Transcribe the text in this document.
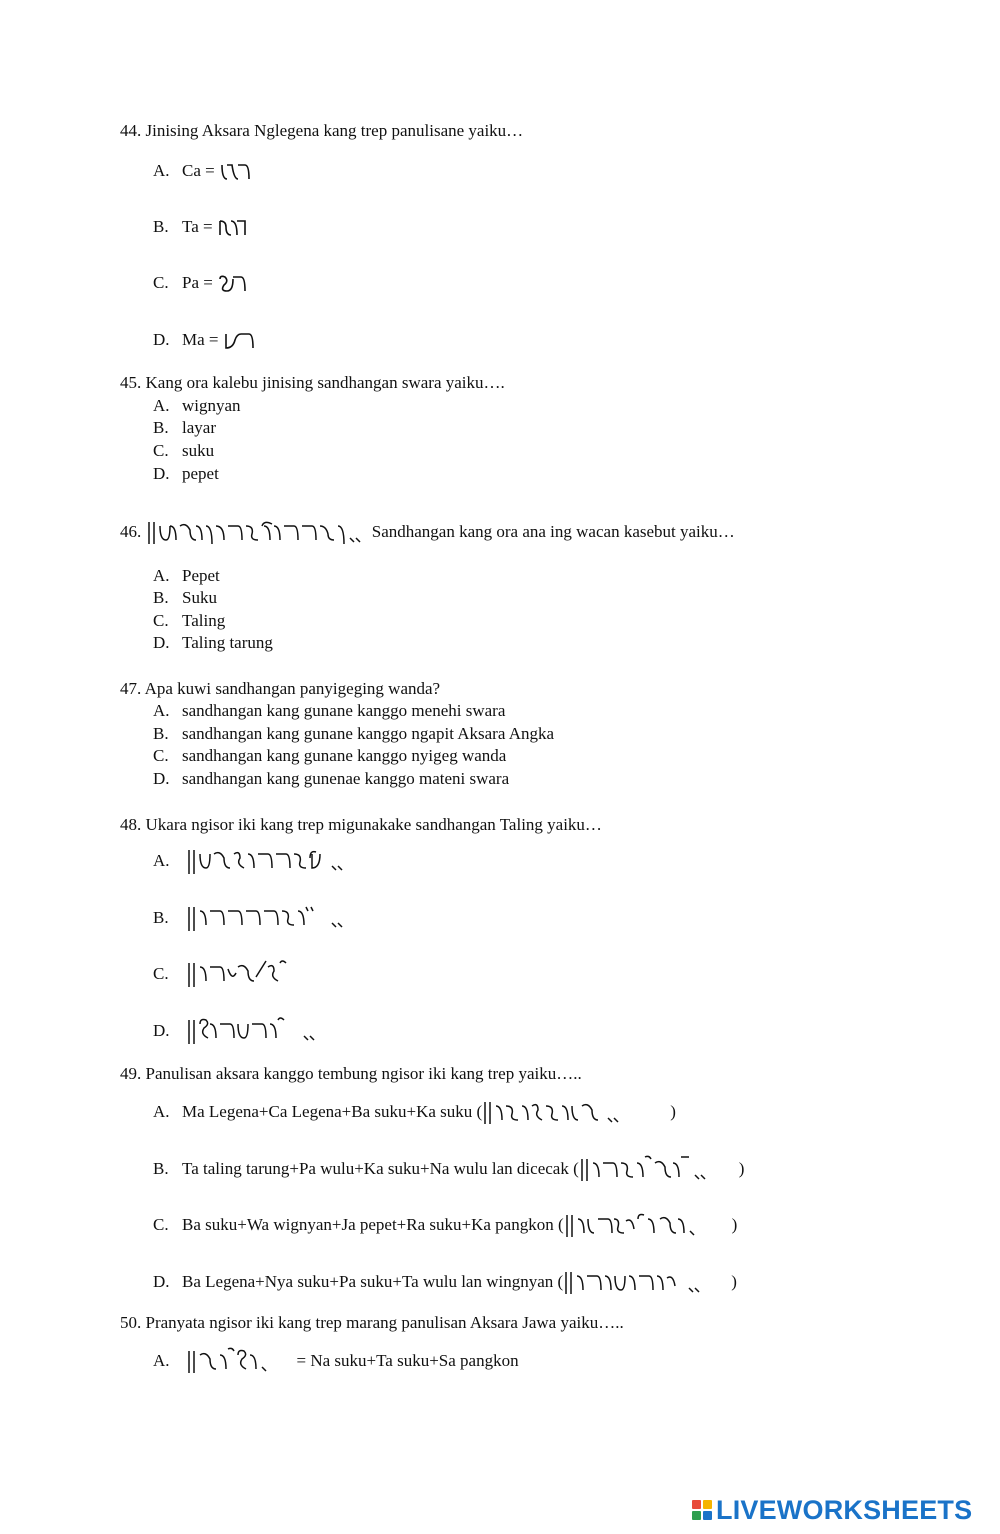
44. Jinising Aksara Nglegena kang trep panulisane yaiku…
A. Ca =
B. Ta =
C. Pa =
D. Ma =
45. Kang ora kalebu jinising sandhangan swara yaiku….
A. wignyan
B. layar
C. suku
D. pepet
46.	Sandhangan kang ora ana ing wacan kasebut yaiku…
A. Pepet
B. Suku
C. Taling
D. Taling tarung
47. Apa kuwi sandhangan panyigeging wanda?
A. sandhangan kang gunane kanggo menehi swara
B. sandhangan kang gunane kanggo ngapit Aksara Angka
C. sandhangan kang gunane kanggo nyigeg wanda
D. sandhangan kang gunenae kanggo mateni swara
48. Ukara ngisor iki kang trep migunakake sandhangan Taling yaiku…
A.
B.
C.
D.
49. Panulisan aksara kanggo tembung ngisor iki kang trep yaiku…..
A. Ma Legena+Ca Legena+Ba suku+Ka suku (	)
B. Ta taling tarung+Pa wulu+Ka suku+Na wulu lan dicecak (	)
C. Ba suku+Wa wignyan+Ja pepet+Ra suku+Ka pangkon (	)
D. Ba Legena+Nya suku+Pa suku+Ta wulu lan wingnyan (	)
50. Pranyata ngisor iki kang trep marang panulisan Aksara Jawa yaiku…..
A.	= Na suku+Ta suku+Sa pangkon
LIVEWORKSHEETS
